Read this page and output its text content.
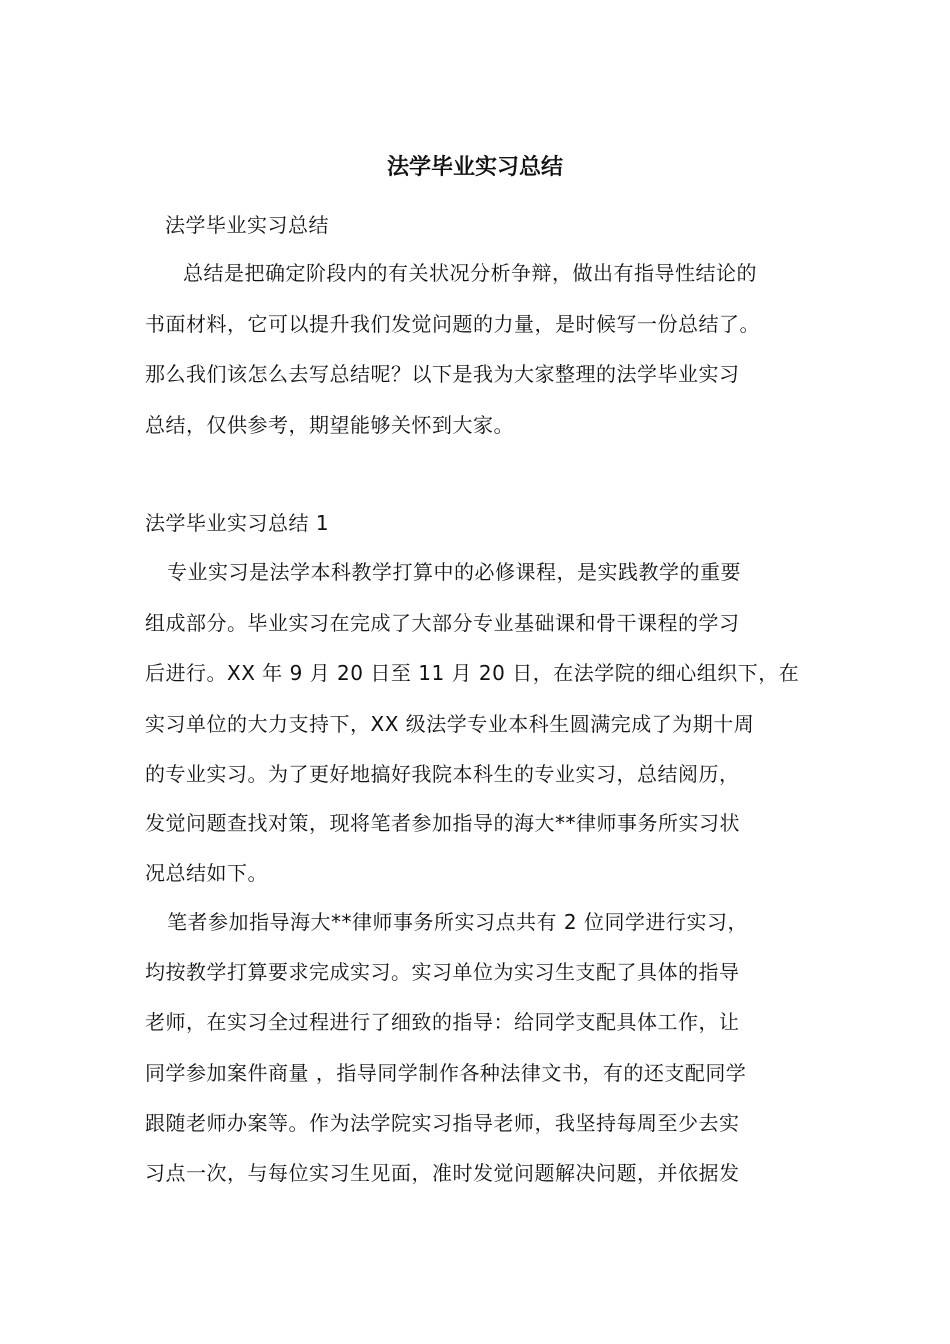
法学毕业实习总结
法学毕业实习总结
总结是把确定阶段内的有关状况分析争辩，做出有指导性结论的
书面材料，它可以提升我们发觉问题的力量，是时候写一份总结了。
那么我们该怎么去写总结呢？以下是我为大家整理的法学毕业实习
总结，仅供参考，期望能够关怀到大家。
法学毕业实习总结 1
专业实习是法学本科教学打算中的必修课程，是实践教学的重要
组成部分。毕业实习在完成了大部分专业基础课和骨干课程的学习
后进行。XX 年 9 月 20 日至 11 月 20 日，在法学院的细心组织下，在
实习单位的大力支持下，XX 级法学专业本科生圆满完成了为期十周
的专业实习。为了更好地搞好我院本科生的专业实习，总结阅历，
发觉问题查找对策，现将笔者参加指导的海大**律师事务所实习状
况总结如下。
笔者参加指导海大**律师事务所实习点共有 2 位同学进行实习，
均按教学打算要求完成实习。实习单位为实习生支配了具体的指导
老师，在实习全过程进行了细致的指导：给同学支配具体工作，让
同学参加案件商量 ，指导同学制作各种法律文书，有的还支配同学
跟随老师办案等。作为法学院实习指导老师，我坚持每周至少去实
习点一次，与每位实习生见面，准时发觉问题解决问题，并依据发
